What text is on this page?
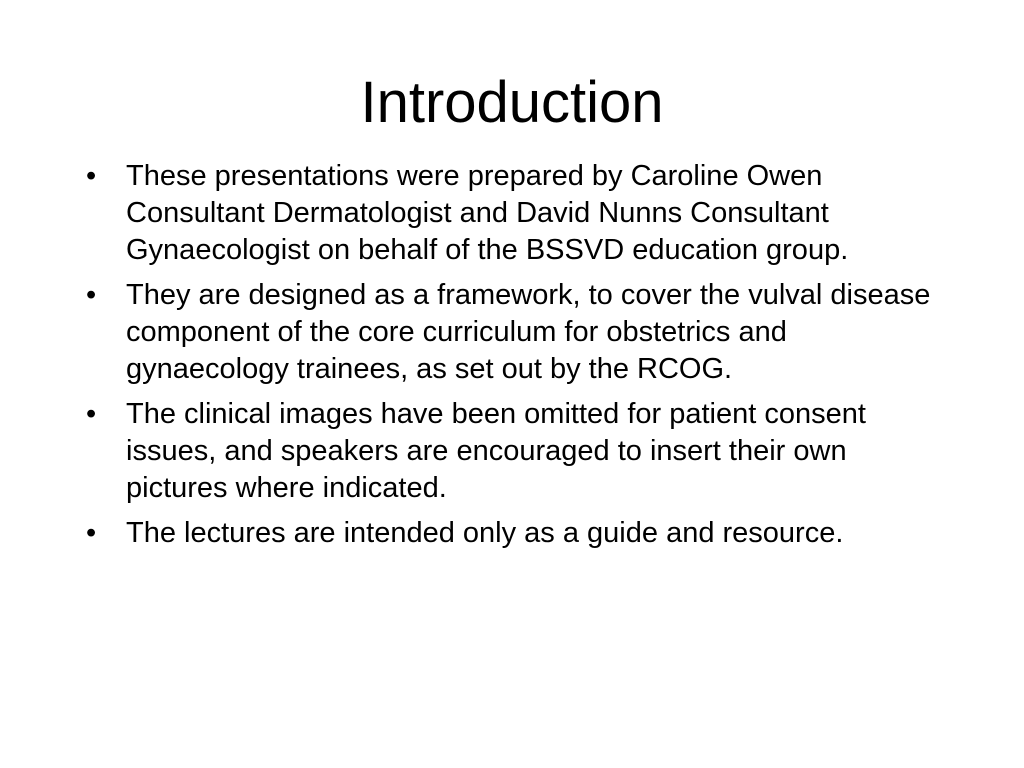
Introduction
•	These presentations were prepared by Caroline Owen Consultant Dermatologist and David Nunns Consultant Gynaecologist on behalf of the BSSVD education group.
•	They are designed as a framework, to cover the vulval disease component of the core curriculum for obstetrics and gynaecology trainees, as set out by the RCOG.
•	The clinical images have been omitted for patient consent issues, and speakers are encouraged to insert their own pictures where indicated.
•	The lectures are intended only as a guide and resource.
